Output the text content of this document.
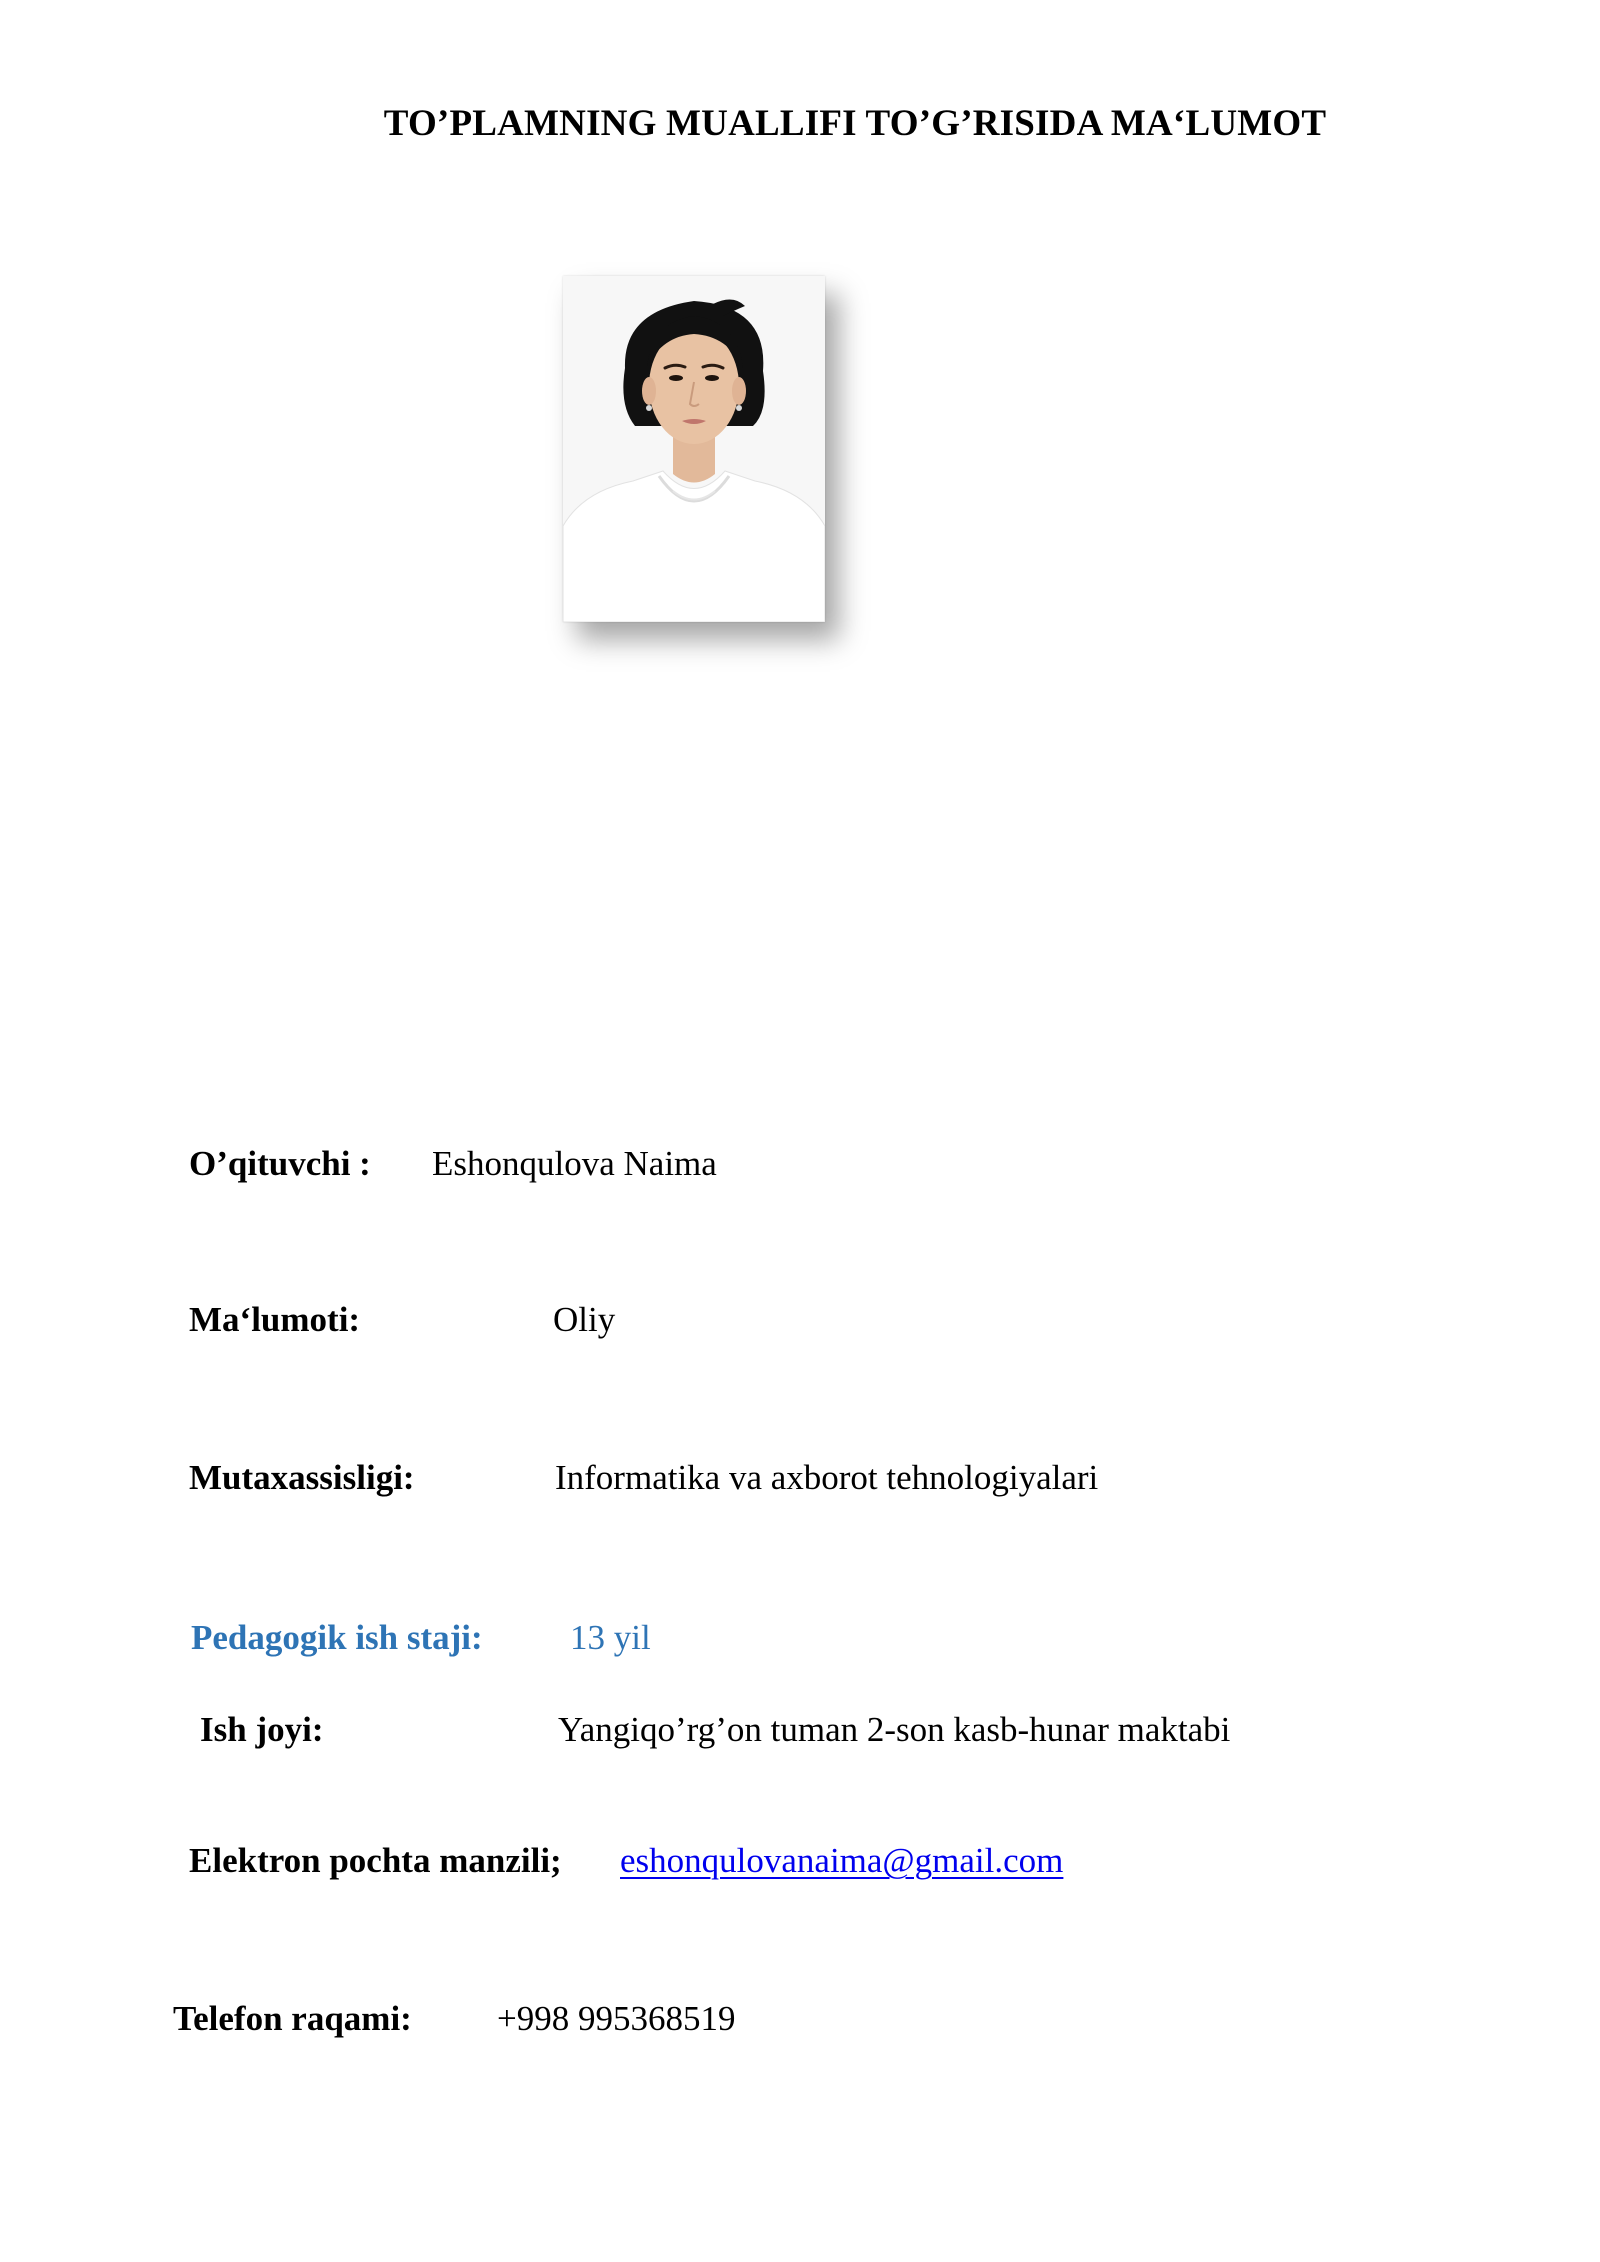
TO’PLAMNING MUALLIFI TO’G’RISIDA MA‘LUMOT
O’qituvchi : Eshonqulova Naima
Ma‘lumoti:	Oliy
Mutaxassisligi:	Informatika va axborot tehnologiyalari
Pedagogik ish staji: 13 yil
Ish joyi:	Yangiqo’rg’on tuman 2-son kasb-hunar maktabi
Elektron pochta manzili; eshonqulovanaima@gmail.com
Telefon raqami: +998 995368519
